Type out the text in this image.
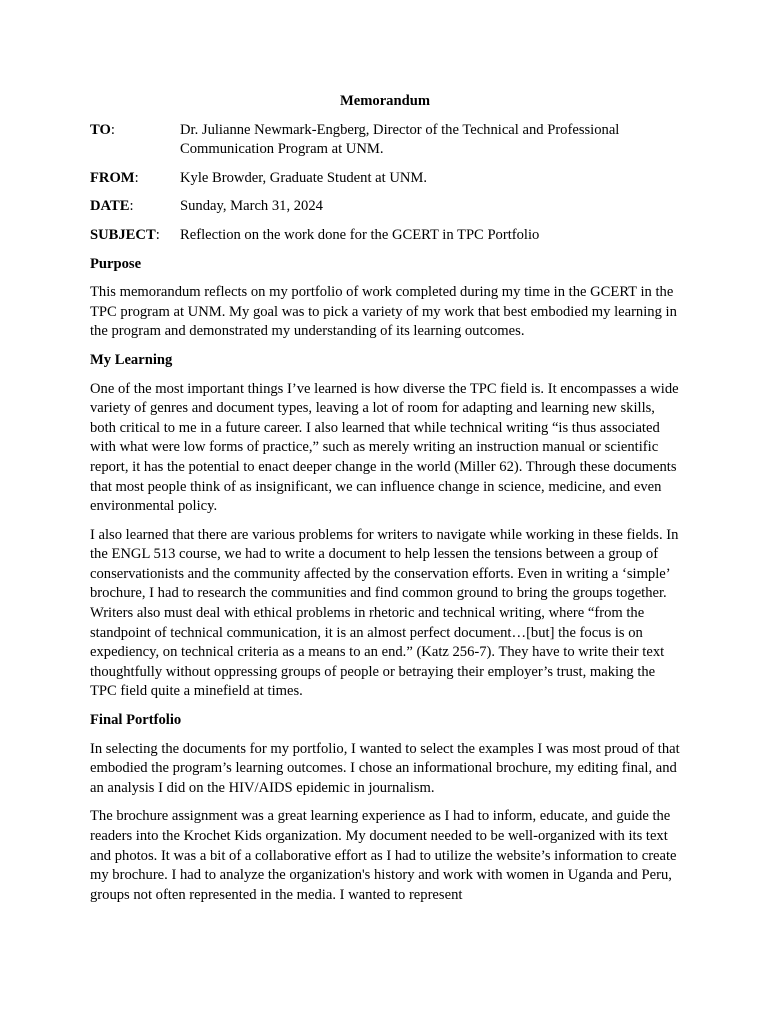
Memorandum
TO:	Dr. Julianne Newmark-Engberg, Director of the Technical and Professional Communication Program at UNM.
FROM:	Kyle Browder, Graduate Student at UNM.
DATE:	Sunday, March 31, 2024
SUBJECT:	Reflection on the work done for the GCERT in TPC Portfolio
Purpose

This memorandum reflects on my portfolio of work completed during my time in the GCERT in the TPC program at UNM. My goal was to pick a variety of my work that best embodied my learning in the program and demonstrated my understanding of its learning outcomes.

My Learning

One of the most important things I’ve learned is how diverse the TPC field is. It encompasses a wide variety of genres and document types, leaving a lot of room for adapting and learning new skills, both critical to me in a future career. I also learned that while technical writing “is thus associated with what were low forms of practice,” such as merely writing an instruction manual or scientific report, it has the potential to enact deeper change in the world (Miller 62). Through these documents that most people think of as insignificant, we can influence change in science, medicine, and even environmental policy.

I also learned that there are various problems for writers to navigate while working in these fields. In the ENGL 513 course, we had to write a document to help lessen the tensions between a group of conservationists and the community affected by the conservation efforts. Even in writing a ‘simple’ brochure, I had to research the communities and find common ground to bring the groups together. Writers also must deal with ethical problems in rhetoric and technical writing, where “from the standpoint of technical communication, it is an almost perfect document…[but] the focus is on expediency, on technical criteria as a means to an end.” (Katz 256-7). They have to write their text thoughtfully without oppressing groups of people or betraying their employer’s trust, making the TPC field quite a minefield at times.

Final Portfolio

In selecting the documents for my portfolio, I wanted to select the examples I was most proud of that embodied the program’s learning outcomes. I chose an informational brochure, my editing final, and an analysis I did on the HIV/AIDS epidemic in journalism.

The brochure assignment was a great learning experience as I had to inform, educate, and guide the readers into the Krochet Kids organization. My document needed to be well-organized with its text and photos. It was a bit of a collaborative effort as I had to utilize the website’s information to create my brochure. I had to analyze the organization's history and work with women in Uganda and Peru, groups not often represented in the media. I wanted to represent
